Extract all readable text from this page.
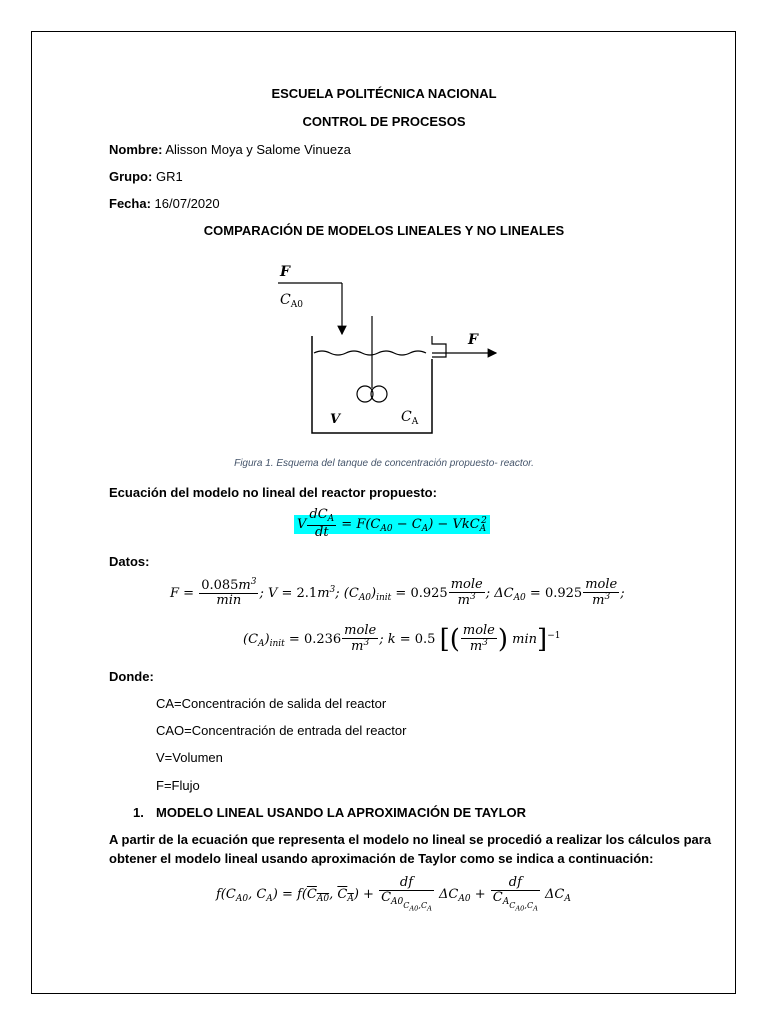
ESCUELA POLITÉCNICA NACIONAL
CONTROL DE PROCESOS
Nombre: Alisson Moya y Salome Vinueza
Grupo: GR1
Fecha: 16/07/2020
COMPARACIÓN DE MODELOS LINEALES Y NO LINEALES
F
$C_{A0}$
F
V	$C_A$
Figura 1. Esquema del tanque de concentración propuesto- reactor.
Ecuación del modelo no lineal del reactor propuesto:
V $\frac{dC_A}{dt} = F(C_{A0} - C_A) - VkC_A^2$
Datos:
$F = \frac{0.085m^3}{\min}$ ; $V = 2.1m^3$; $(C_{A0})_{init} = 0.925 \frac{\text{mole}}{m^3}$ ; $\Delta C_{A0} = 0.925 \frac{\text{mole}}{m^3}$ ;
$(C_A)_{init} = 0.236 \frac{\text{mole}}{m^3}$ ; k = 0.5 [( $\frac{\text{mole}}{m^3}$ ) min]$^{-1}$
Donde:
CA=Concentración de salida del reactor
CAO=Concentración de entrada del reactor
V=Volumen
F=Flujo
1. MODELO LINEAL USANDO LA APROXIMACIÓN DE TAYLOR
A partir de la ecuación que representa el modelo no lineal se procedió a realizar los cálculos para
obtener el modelo lineal usando aproximación de Taylor como se indica a continuación:
$f(C_{A0}$, $C_A) = f(C_{A0}$, $C_A) + \frac{df}{C_{A0C_{A0},C_A}} \Delta C_{A0} + \frac{df}{C_{AC_{A0},C_A}} \Delta C_A$
